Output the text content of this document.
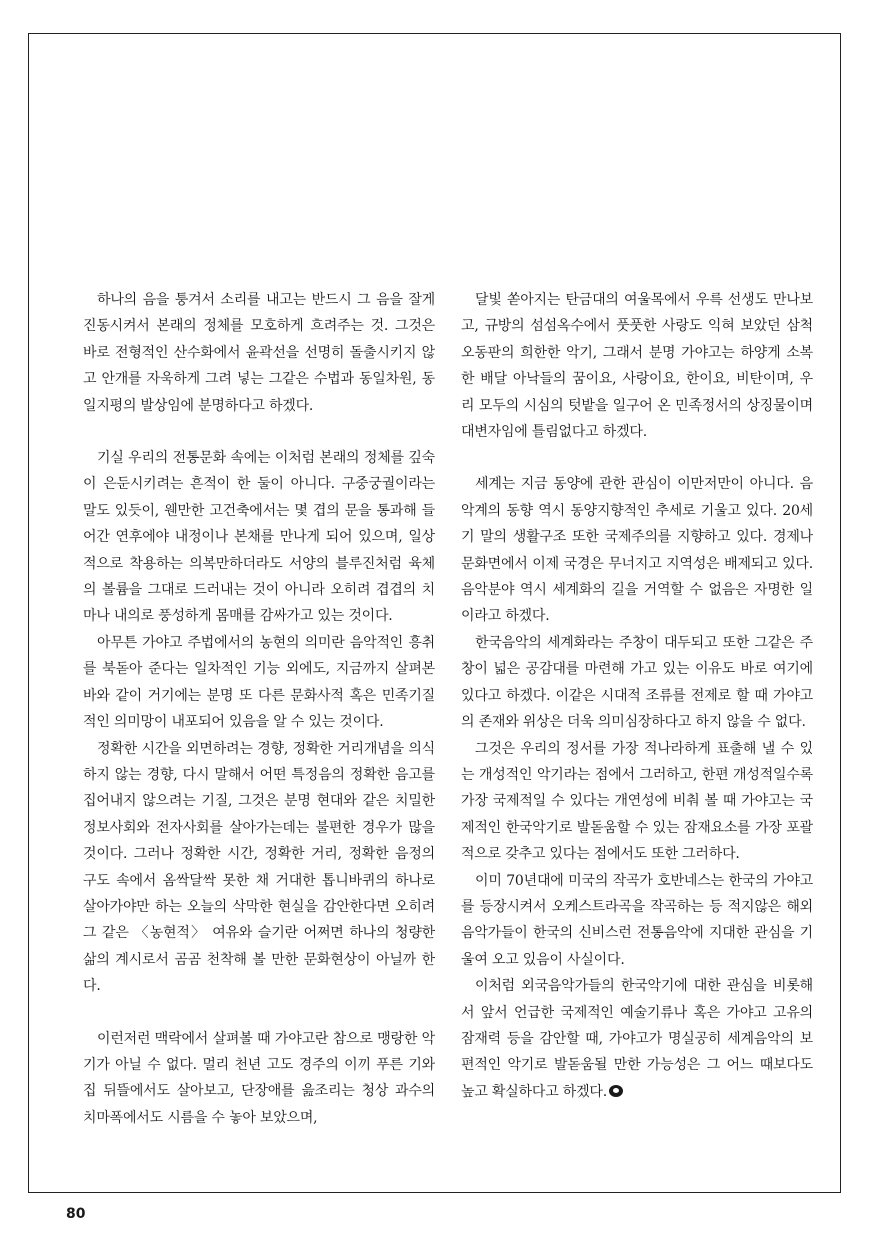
하나의 음을 퉁겨서 소리를 내고는 반드시 그 음을 잘게 진동시켜서 본래의 정체를 모호하게 흐려주는 것. 그것은 바로 전형적인 산수화에서 윤곽선을 선명히 돌출시키지 않고 안개를 자욱하게 그려 넣는 그같은 수법과 동일차원, 동일지평의 발상임에 분명하다고 하겠다.

기실 우리의 전통문화 속에는 이처럼 본래의 정체를 깊숙이 은둔시키려는 흔적이 한 둘이 아니다. 구중궁궐이라는 말도 있듯이, 웬만한 고건축에서는 몇 겹의 문을 통과해 들어간 연후에야 내정이나 본채를 만나게 되어 있으며, 일상적으로 착용하는 의복만하더라도 서양의 블루진처럼 육체의 볼륨을 그대로 드러내는 것이 아니라 오히려 겹겹의 치마나 내의로 풍성하게 몸매를 감싸가고 있는 것이다.

아무튼 가야고 주법에서의 농현의 의미란 음악적인 흥취를 북돋아 준다는 일차적인 기능 외에도, 지금까지 살펴본 바와 같이 거기에는 분명 또 다른 문화사적 혹은 민족기질적인 의미망이 내포되어 있음을 알 수 있는 것이다.

정확한 시간을 외면하려는 경향, 정확한 거리개념을 의식하지 않는 경향, 다시 말해서 어떤 특정음의 정확한 음고를 집어내지 않으려는 기질, 그것은 분명 현대와 같은 치밀한 정보사회와 전자사회를 살아가는데는 불편한 경우가 많을 것이다. 그러나 정확한 시간, 정확한 거리, 정확한 음정의 구도 속에서 옴싹달싹 못한 채 거대한 톱니바퀴의 하나로 살아가야만 하는 오늘의 삭막한 현실을 감안한다면 오히려 그 같은 〈농현적〉 여유와 슬기란 어쩌면 하나의 청량한 삶의 계시로서 곰곰 천착해 볼 만한 문화현상이 아닐까 한다.

이런저런 맥락에서 살펴볼 때 가야고란 참으로 맹랑한 악기가 아닐 수 없다. 멀리 천년 고도 경주의 이끼 푸른 기와집 뒤뜰에서도 살아보고, 단장애를 읊조리는 청상 과수의 치마폭에서도 시름을 수 놓아 보았으며,

달빛 쏟아지는 탄금대의 여울목에서 우륵 선생도 만나보고, 규방의 섬섬옥수에서 풋풋한 사랑도 익혀 보았던 삼척 오동판의 희한한 악기, 그래서 분명 가야고는 하양게 소복한 배달 아낙들의 꿈이요, 사랑이요, 한이요, 비탄이며, 우리 모두의 시심의 텃밭을 일구어 온 민족정서의 상징물이며 대변자임에 틀림없다고 하겠다.

세계는 지금 동양에 관한 관심이 이만저만이 아니다. 음악계의 동향 역시 동양지향적인 추세로 기울고 있다. 20세기 말의 생활구조 또한 국제주의를 지향하고 있다. 경제나 문화면에서 이제 국경은 무너지고 지역성은 배제되고 있다. 음악분야 역시 세계화의 길을 거역할 수 없음은 자명한 일이라고 하겠다.

한국음악의 세계화라는 주창이 대두되고 또한 그같은 주창이 넓은 공감대를 마련해 가고 있는 이유도 바로 여기에 있다고 하겠다. 이같은 시대적 조류를 전제로 할 때 가야고의 존재와 위상은 더욱 의미심장하다고 하지 않을 수 없다.

그것은 우리의 정서를 가장 적나라하게 표출해 낼 수 있는 개성적인 악기라는 점에서 그러하고, 한편 개성적일수록 가장 국제적일 수 있다는 개연성에 비춰 볼 때 가야고는 국제적인 한국악기로 발돋움할 수 있는 잠재요소를 가장 포괄적으로 갖추고 있다는 점에서도 또한 그러하다.

이미 70년대에 미국의 작곡가 호반네스는 한국의 가야고를 등장시켜서 오케스트라곡을 작곡하는 등 적지않은 해외 음악가들이 한국의 신비스런 전통음악에 지대한 관심을 기울여 오고 있음이 사실이다.

이처럼 외국음악가들의 한국악기에 대한 관심을 비롯해서 앞서 언급한 국제적인 예술기류나 혹은 가야고 고유의 잠재력 등을 감안할 때, 가야고가 명실공히 세계음악의 보편적인 악기로 발돋움될 만한 가능성은 그 어느 때보다도 높고 확실하다고 하겠다.

80
